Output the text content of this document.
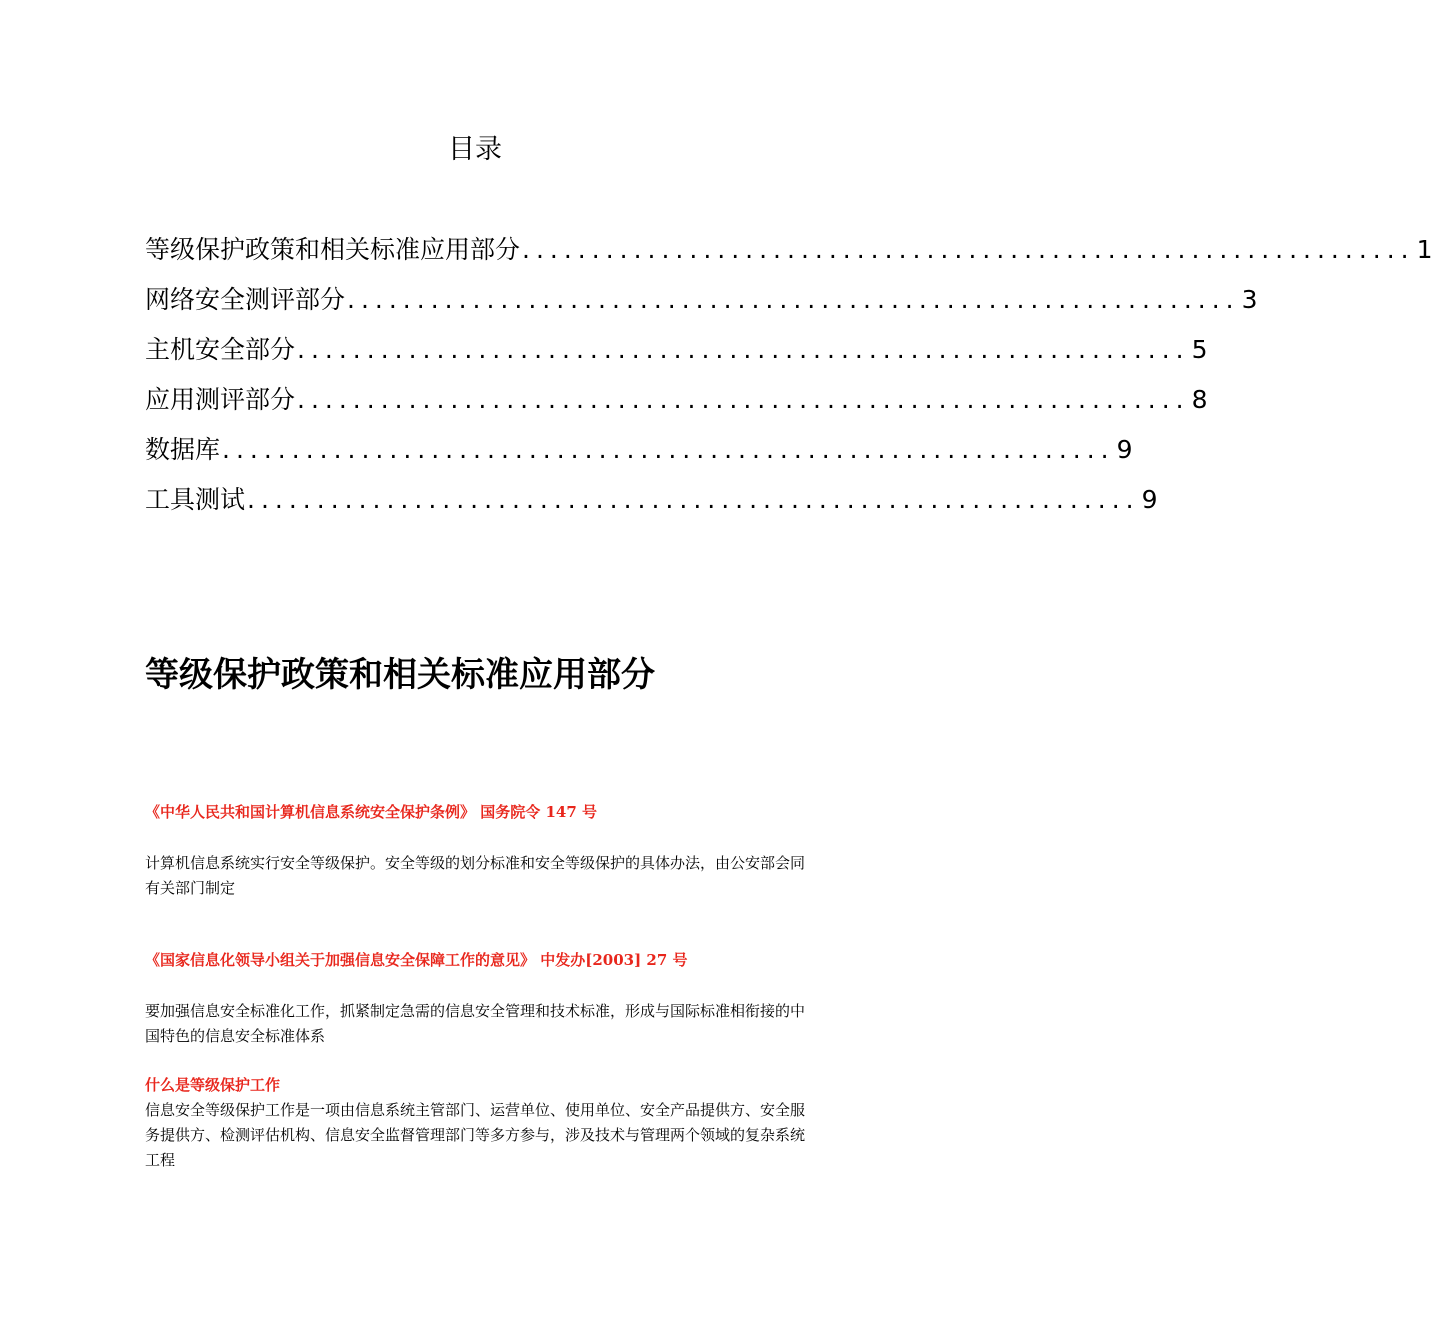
目录
等级保护政策和相关标准应用部分 ................................................................ 1
网络安全测评部分 ................................................................ 3
主机安全部分 ................................................................ 5
应用测评部分 ................................................................ 8
数据库 ................................................................ 9
工具测试 ................................................................ 9
等级保护政策和相关标准应用部分
《中华人民共和国计算机信息系统安全保护条例》 国务院令 147 号

计算机信息系统实行安全等级保护。安全等级的划分标准和安全等级保护的具体办法，由公安部会同有关部门制定

《国家信息化领导小组关于加强信息安全保障工作的意见》 中发办[2003] 27 号

要加强信息安全标准化工作，抓紧制定急需的信息安全管理和技术标准，形成与国际标准相衔接的中国特色的信息安全标准体系

什么是等级保护工作

信息安全等级保护工作是一项由信息系统主管部门、运营单位、使用单位、安全产品提供方、安全服务提供方、检测评估机构、信息安全监督管理部门等多方参与，涉及技术与管理两个领域的复杂系统工程
